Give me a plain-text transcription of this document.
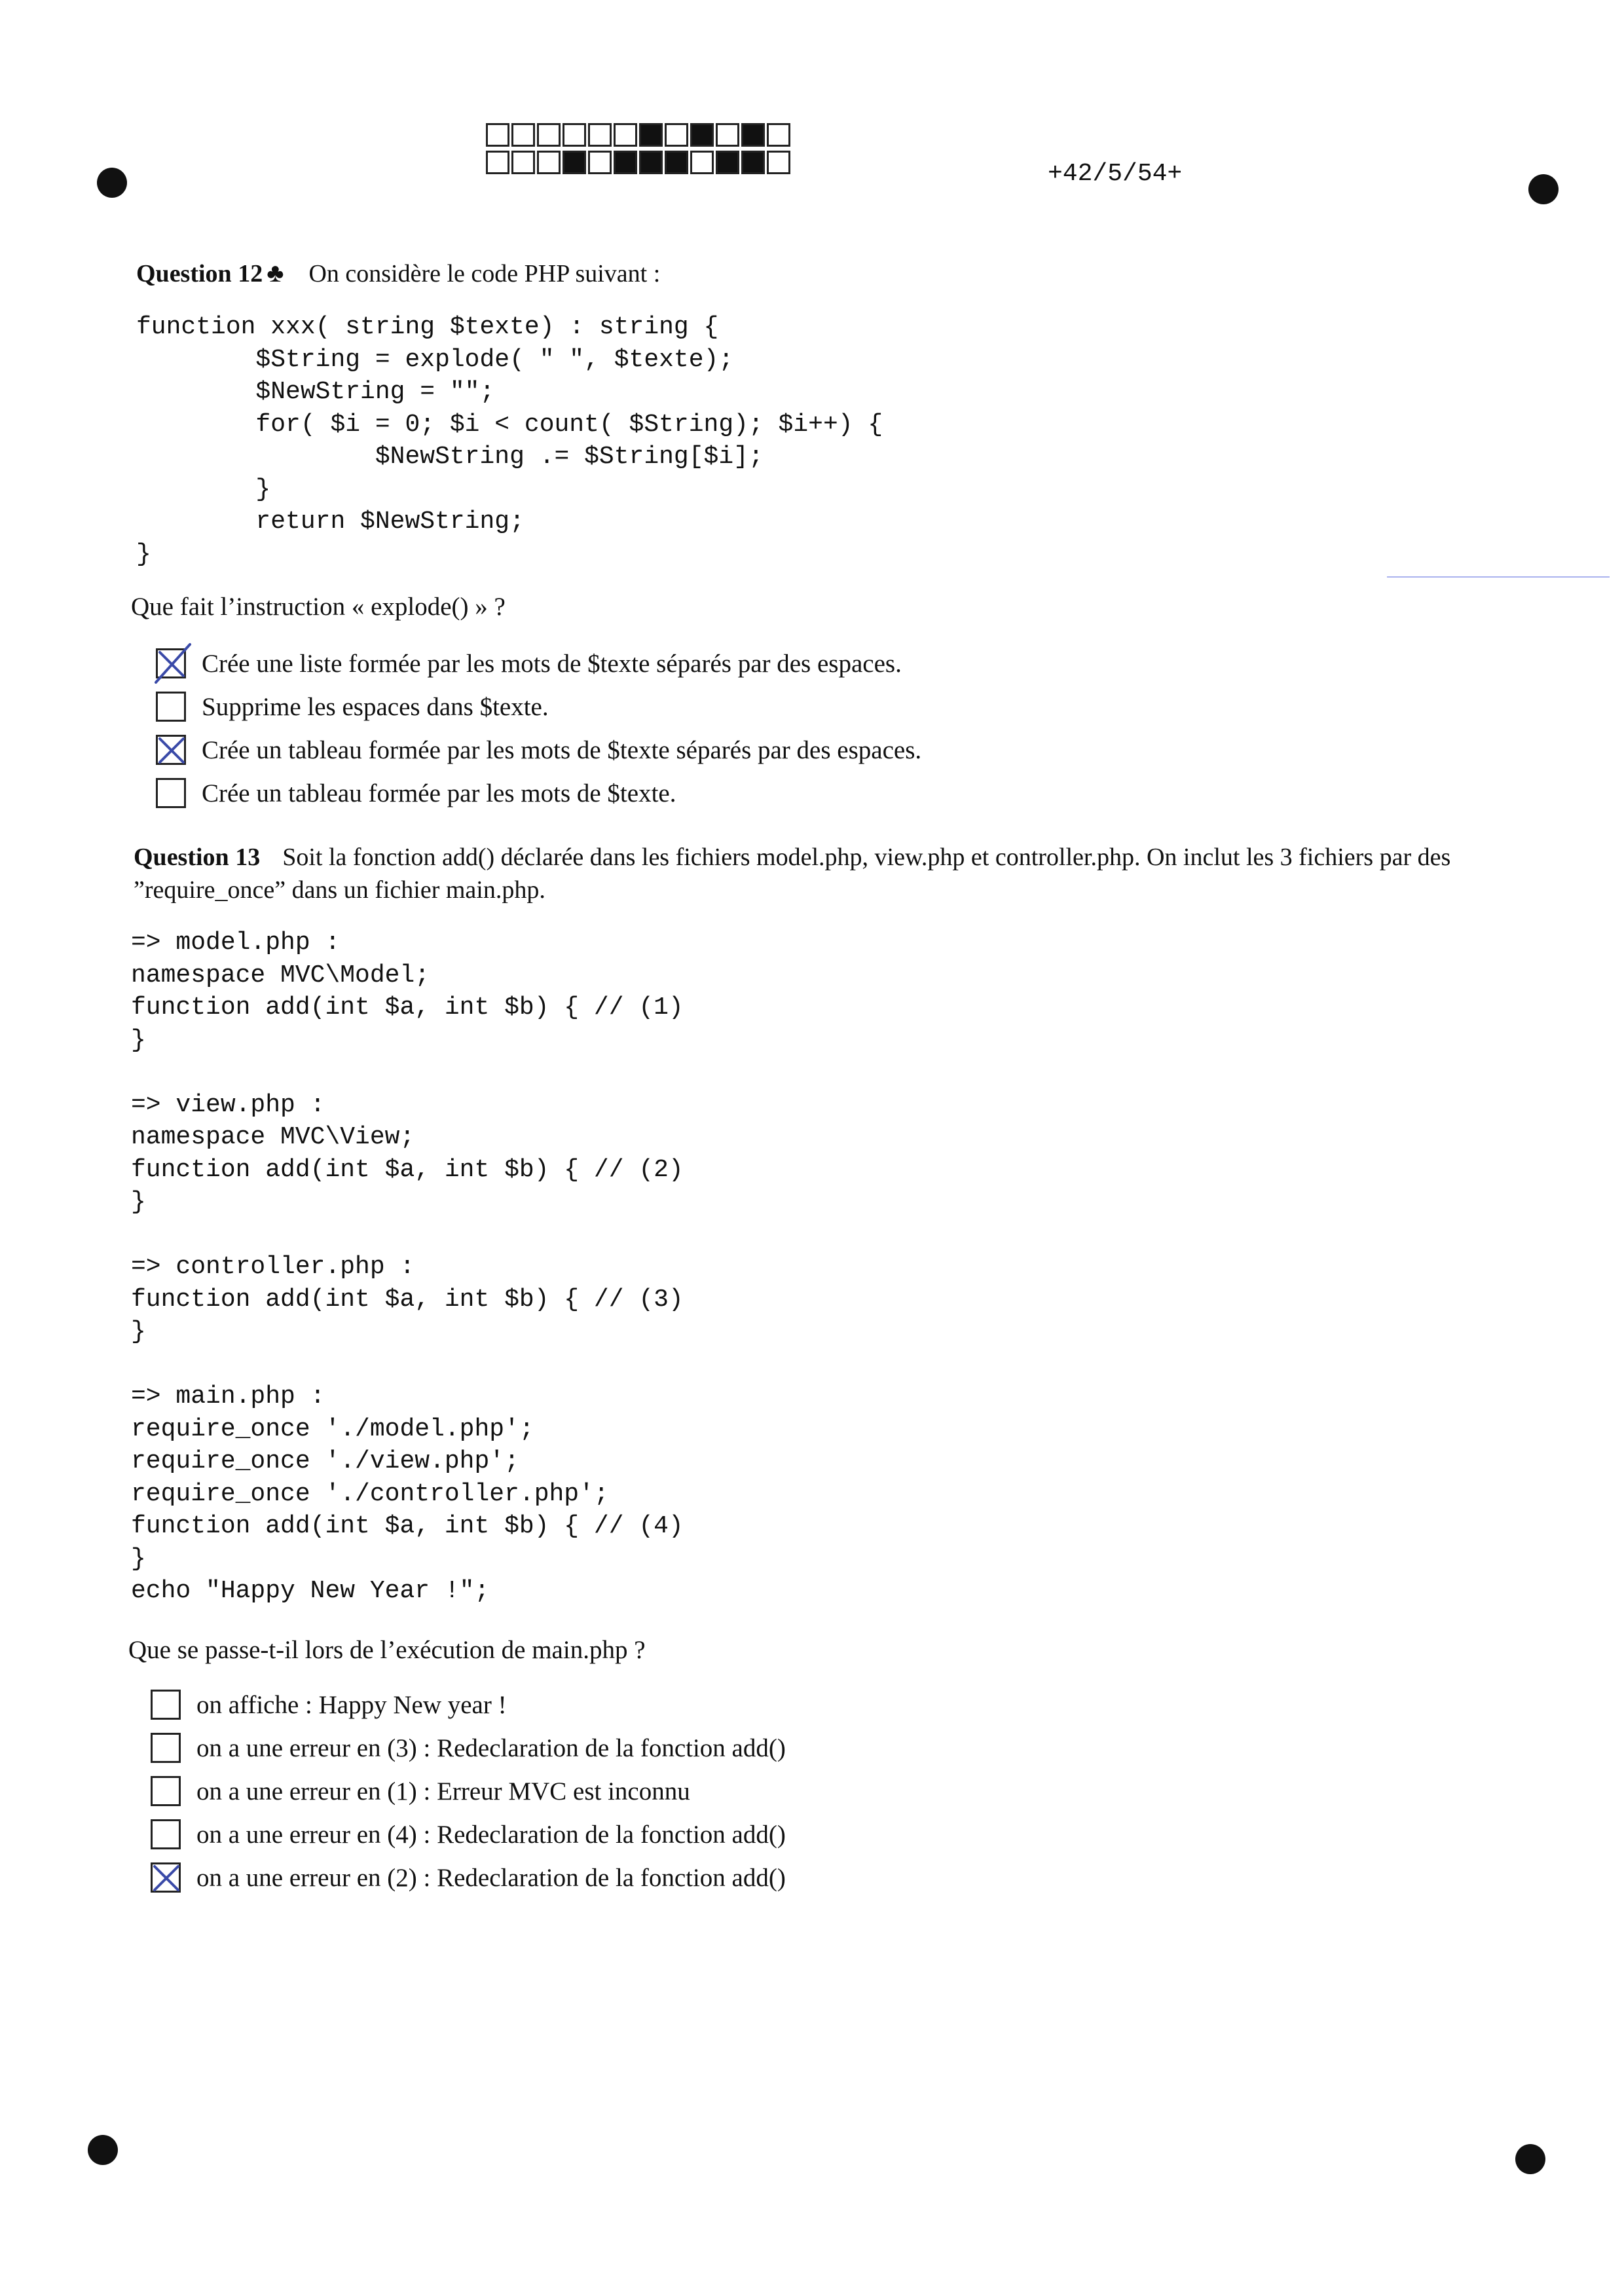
+42/5/54+
Question 12 ♣ On considère le code PHP suivant :
function xxx( string $texte) : string {
$String = explode( " ", $texte);
$NewString = "";
for( $i = 0; $i < count( $String); $i++) {
$NewString .= $String[$i];
}
return $NewString;
}
Que fait l’instruction « explode() » ?
Crée une liste formée par les mots de $texte séparés par des espaces.
Supprime les espaces dans $texte.
Crée un tableau formée par les mots de $texte séparés par des espaces.
Crée un tableau formée par les mots de $texte.
Question 13 Soit la fonction add() déclarée dans les fichiers model.php, view.php et controller.php. On inclut les 3 fichiers par des ”require_once” dans un fichier main.php.
=> model.php :
namespace MVC\Model;
function add(int $a, int $b) { // (1)
}

=> view.php :
namespace MVC\View;
function add(int $a, int $b) { // (2)
}

=> controller.php :
function add(int $a, int $b) { // (3)
}

=> main.php :
require_once './model.php';
require_once './view.php';
require_once './controller.php';
function add(int $a, int $b) { // (4)
}
echo "Happy New Year !";
Que se passe-t-il lors de l’exécution de main.php ?
on affiche : Happy New year !
on a une erreur en (3) : Redeclaration de la fonction add()
on a une erreur en (1) : Erreur MVC est inconnu
on a une erreur en (4) : Redeclaration de la fonction add()
on a une erreur en (2) : Redeclaration de la fonction add()
